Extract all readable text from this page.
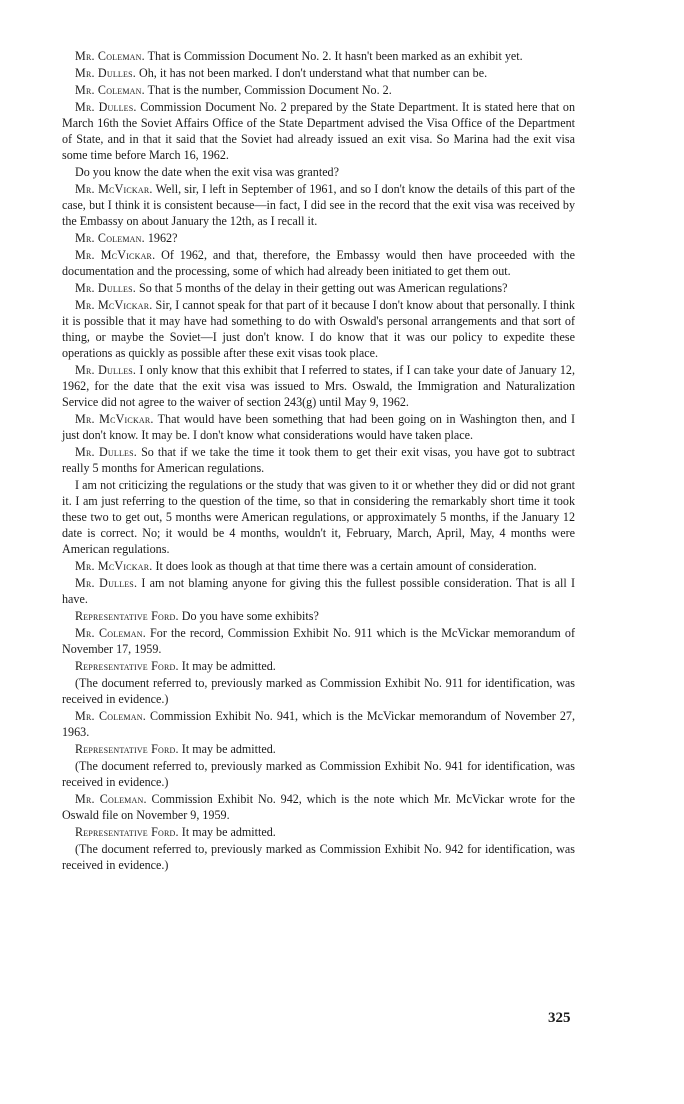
Mr. Coleman. That is Commission Document No. 2. It hasn't been marked as an exhibit yet.

Mr. Dulles. Oh, it has not been marked. I don't understand what that number can be.

Mr. Coleman. That is the number, Commission Document No. 2.

Mr. Dulles. Commission Document No. 2 prepared by the State Department. It is stated here that on March 16th the Soviet Affairs Office of the State Department advised the Visa Office of the Department of State, and in that it said that the Soviet had already issued an exit visa. So Marina had the exit visa some time before March 16, 1962.

Do you know the date when the exit visa was granted?

Mr. McVickar. Well, sir, I left in September of 1961, and so I don't know the details of this part of the case, but I think it is consistent because—in fact, I did see in the record that the exit visa was received by the Embassy on about January the 12th, as I recall it.

Mr. Coleman. 1962?

Mr. McVickar. Of 1962, and that, therefore, the Embassy would then have proceeded with the documentation and the processing, some of which had already been initiated to get them out.

Mr. Dulles. So that 5 months of the delay in their getting out was American regulations?

Mr. McVickar. Sir, I cannot speak for that part of it because I don't know about that personally. I think it is possible that it may have had something to do with Oswald's personal arrangements and that sort of thing, or maybe the Soviet—I just don't know. I do know that it was our policy to expedite these operations as quickly as possible after these exit visas took place.

Mr. Dulles. I only know that this exhibit that I referred to states, if I can take your date of January 12, 1962, for the date that the exit visa was issued to Mrs. Oswald, the Immigration and Naturalization Service did not agree to the waiver of section 243(g) until May 9, 1962.

Mr. McVickar. That would have been something that had been going on in Washington then, and I just don't know. It may be. I don't know what considerations would have taken place.

Mr. Dulles. So that if we take the time it took them to get their exit visas, you have got to subtract really 5 months for American regulations.

I am not criticizing the regulations or the study that was given to it or whether they did or did not grant it. I am just referring to the question of the time, so that in considering the remarkably short time it took these two to get out, 5 months were American regulations, or approximately 5 months, if the January 12 date is correct. No; it would be 4 months, wouldn't it, February, March, April, May, 4 months were American regulations.

Mr. McVickar. It does look as though at that time there was a certain amount of consideration.

Mr. Dulles. I am not blaming anyone for giving this the fullest possible consideration. That is all I have.

Representative Ford. Do you have some exhibits?

Mr. Coleman. For the record, Commission Exhibit No. 911 which is the McVickar memorandum of November 17, 1959.

Representative Ford. It may be admitted.

(The document referred to, previously marked as Commission Exhibit No. 911 for identification, was received in evidence.)

Mr. Coleman. Commission Exhibit No. 941, which is the McVickar memorandum of November 27, 1963.

Representative Ford. It may be admitted.

(The document referred to, previously marked as Commission Exhibit No. 941 for identification, was received in evidence.)

Mr. Coleman. Commission Exhibit No. 942, which is the note which Mr. McVickar wrote for the Oswald file on November 9, 1959.

Representative Ford. It may be admitted.

(The document referred to, previously marked as Commission Exhibit No. 942 for identification, was received in evidence.)

325
